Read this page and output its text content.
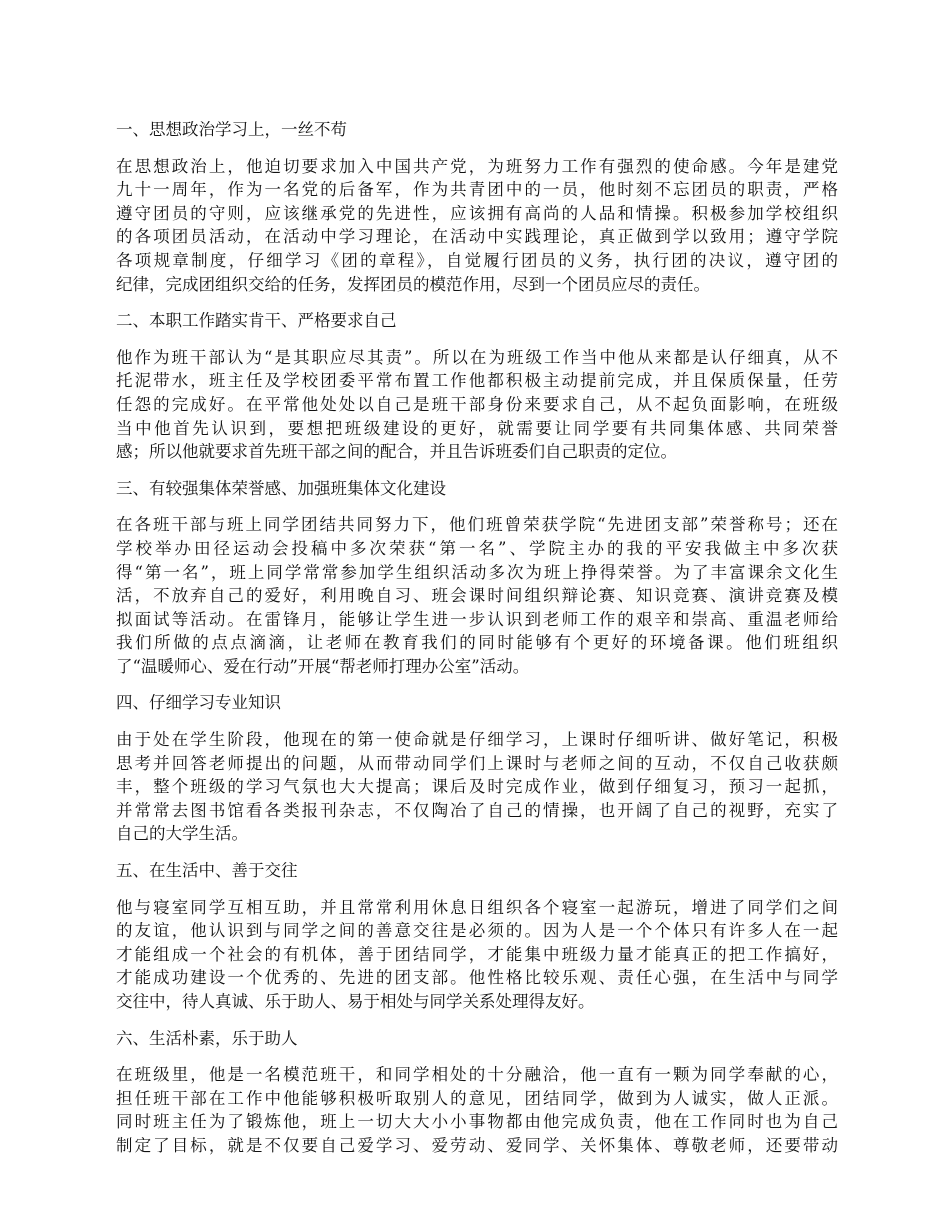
一、思想政治学习上，一丝不苟
在思想政治上，他迫切要求加入中国共产党，为班努力工作有强烈的使命感。今年是建党
九十一周年，作为一名党的后备军，作为共青团中的一员，他时刻不忘团员的职责，严格
遵守团员的守则，应该继承党的先进性，应该拥有高尚的人品和情操。积极参加学校组织
的各项团员活动，在活动中学习理论，在活动中实践理论，真正做到学以致用；遵守学院
各项规章制度，仔细学习《团的章程》，自觉履行团员的义务，执行团的决议，遵守团的
纪律，完成团组织交给的任务，发挥团员的模范作用，尽到一个团员应尽的责任。
二、本职工作踏实肯干、严格要求自己
他作为班干部认为“是其职应尽其责”。所以在为班级工作当中他从来都是认仔细真，从不
托泥带水，班主任及学校团委平常布置工作他都积极主动提前完成，并且保质保量，任劳
任怨的完成好。在平常他处处以自己是班干部身份来要求自己，从不起负面影响，在班级
当中他首先认识到，要想把班级建设的更好，就需要让同学要有共同集体感、共同荣誉
感；所以他就要求首先班干部之间的配合，并且告诉班委们自己职责的定位。
三、有较强集体荣誉感、加强班集体文化建设
在各班干部与班上同学团结共同努力下，他们班曾荣获学院“先进团支部”荣誉称号；还在
学校举办田径运动会投稿中多次荣获“第一名”、学院主办的我的平安我做主中多次获
得“第一名”，班上同学常常参加学生组织活动多次为班上挣得荣誉。为了丰富课余文化生
活，不放弃自己的爱好，利用晚自习、班会课时间组织辩论赛、知识竞赛、演讲竞赛及模
拟面试等活动。在雷锋月，能够让学生进一步认识到老师工作的艰辛和崇高、重温老师给
我们所做的点点滴滴，让老师在教育我们的同时能够有个更好的环境备课。他们班组织
了“温暖师心、爱在行动”开展“帮老师打理办公室”活动。
四、仔细学习专业知识
由于处在学生阶段，他现在的第一使命就是仔细学习，上课时仔细听讲、做好笔记，积极
思考并回答老师提出的问题，从而带动同学们上课时与老师之间的互动，不仅自己收获颇
丰，整个班级的学习气氛也大大提高；课后及时完成作业，做到仔细复习，预习一起抓，
并常常去图书馆看各类报刊杂志，不仅陶冶了自己的情操，也开阔了自己的视野，充实了
自己的大学生活。
五、在生活中、善于交往
他与寝室同学互相互助，并且常常利用休息日组织各个寝室一起游玩，增进了同学们之间
的友谊，他认识到与同学之间的善意交往是必须的。因为人是一个个体只有许多人在一起
才能组成一个社会的有机体，善于团结同学，才能集中班级力量才能真正的把工作搞好，
才能成功建设一个优秀的、先进的团支部。他性格比较乐观、责任心强，在生活中与同学
交往中，待人真诚、乐于助人、易于相处与同学关系处理得友好。
六、生活朴素，乐于助人
在班级里，他是一名模范班干，和同学相处的十分融洽，他一直有一颗为同学奉献的心，
担任班干部在工作中他能够积极听取别人的意见，团结同学，做到为人诚实，做人正派。
同时班主任为了锻炼他，班上一切大大小小事物都由他完成负责，他在工作同时也为自己
制定了目标，就是不仅要自己爱学习、爱劳动、爱同学、关怀集体、尊敬老师，还要带动
